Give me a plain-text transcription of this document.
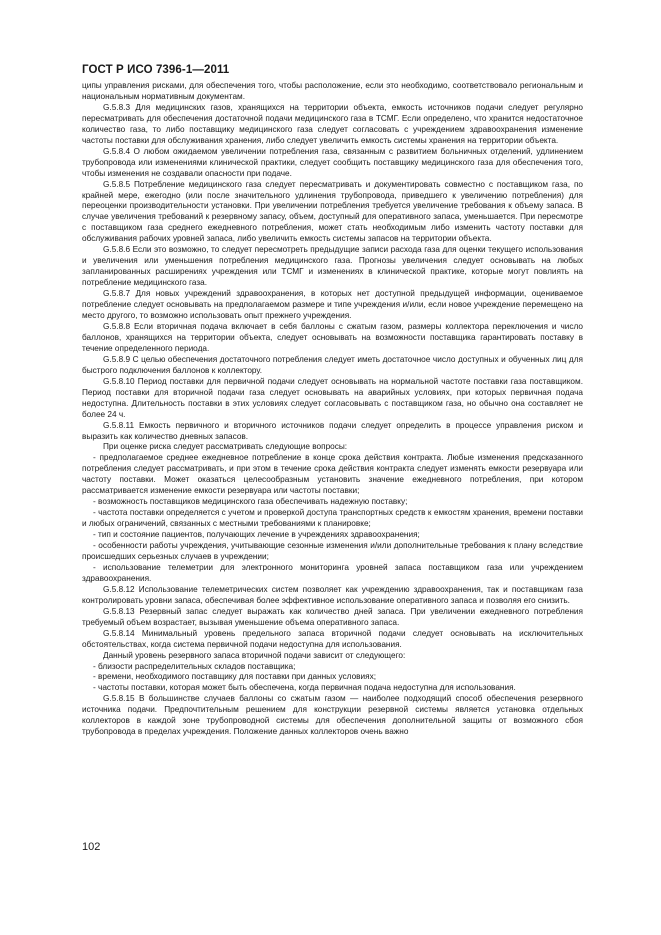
ГОСТ Р ИСО 7396-1—2011

ципы управления рисками, для обеспечения того, чтобы расположение, если это необходимо, соответствовало региональным и национальным нормативным документам.

G.5.8.3 Для медицинских газов, хранящихся на территории объекта, емкость источников подачи следует регулярно пересматривать для обеспечения достаточной подачи медицинского газа в ТСМГ. Если определено, что хранится недостаточное количество газа, то либо поставщику медицинского газа следует согласовать с учреждением здравоохранения изменение частоты поставки для обслуживания хранения, либо следует увеличить емкость системы хранения на территории объекта.

G.5.8.4 О любом ожидаемом увеличении потребления газа, связанным с развитием больничных отделений, удлинением трубопровода или изменениями клинической практики, следует сообщить поставщику медицинского газа для обеспечения того, чтобы изменения не создавали опасности при подаче.

G.5.8.5 Потребление медицинского газа следует пересматривать и документировать совместно с поставщиком газа, по крайней мере, ежегодно (или после значительного удлинения трубопровода, приведшего к увеличению потребления) для переоценки производительности установки. При увеличении потребления требуется увеличение требования к объему запаса. В случае увеличения требований к резервному запасу, объем, доступный для оперативного запаса, уменьшается. При пересмотре с поставщиком газа среднего ежедневного потребления, может стать необходимым либо изменить частоту поставки для обслуживания рабочих уровней запаса, либо увеличить емкость системы запасов на территории объекта.

G.5.8.6 Если это возможно, то следует пересмотреть предыдущие записи расхода газа для оценки текущего использования и увеличения или уменьшения потребления медицинского газа. Прогнозы увеличения следует основывать на любых запланированных расширениях учреждения или ТСМГ и изменениях в клинической практике, которые могут повлиять на потребление медицинского газа.

G.5.8.7 Для новых учреждений здравоохранения, в которых нет доступной предыдущей информации, оцениваемое потребление следует основывать на предполагаемом размере и типе учреждения и/или, если новое учреждение перемещено на место другого, то возможно использовать опыт прежнего учреждения.

G.5.8.8 Если вторичная подача включает в себя баллоны с сжатым газом, размеры коллектора переключения и число баллонов, хранящихся на территории объекта, следует основывать на возможности поставщика гарантировать поставку в течение определенного периода.

G.5.8.9 С целью обеспечения достаточного потребления следует иметь достаточное число доступных и обученных лиц для быстрого подключения баллонов к коллектору.

G.5.8.10 Период поставки для первичной подачи следует основывать на нормальной частоте поставки газа поставщиком. Период поставки для вторичной подачи газа следует основывать на аварийных условиях, при которых первичная подача недоступна. Длительность поставки в этих условиях следует согласовывать с поставщиком газа, но обычно она составляет не более 24 ч.

G.5.8.11 Емкость первичного и вторичного источников подачи следует определить в процессе управления риском и выразить как количество дневных запасов.

При оценке риска следует рассматривать следующие вопросы:

- предполагаемое среднее ежедневное потребление в конце срока действия контракта. Любые изменения предсказанного потребления следует рассматривать, и при этом в течение срока действия контракта следует изменять емкости резервуара или частоту поставки. Может оказаться целесообразным установить значение ежедневного потребления, при котором рассматривается изменение емкости резервуара или частоты поставки;

- возможность поставщиков медицинского газа обеспечивать надежную поставку;

- частота поставки определяется с учетом и проверкой доступа транспортных средств к емкостям хранения, времени поставки и любых ограничений, связанных с местными требованиями к планировке;

- тип и состояние пациентов, получающих лечение в учреждениях здравоохранения;

- особенности работы учреждения, учитывающие сезонные изменения и/или дополнительные требования к плану вследствие происшедших серьезных случаев в учреждении;

- использование телеметрии для электронного мониторинга уровней запаса поставщиком газа или учреждением здравоохранения.

G.5.8.12 Использование телеметрических систем позволяет как учреждению здравоохранения, так и поставщикам газа контролировать уровни запаса, обеспечивая более эффективное использование оперативного запаса и позволяя его снизить.

G.5.8.13 Резервный запас следует выражать как количество дней запаса. При увеличении ежедневного потребления требуемый объем возрастает, вызывая уменьшение объема оперативного запаса.

G.5.8.14 Минимальный уровень предельного запаса вторичной подачи следует основывать на исключительных обстоятельствах, когда система первичной подачи недоступна для использования.

Данный уровень резервного запаса вторичной подачи зависит от следующего:

- близости распределительных складов поставщика;

- времени, необходимого поставщику для поставки при данных условиях;

- частоты поставки, которая может быть обеспечена, когда первичная подача недоступна для использования.

G.5.8.15 В большинстве случаев баллоны со сжатым газом — наиболее подходящий способ обеспечения резервного источника подачи. Предпочтительным решением для конструкции резервной системы является установка отдельных коллекторов в каждой зоне трубопроводной системы для обеспечения дополнительной защиты от возможного сбоя трубопровода в пределах учреждения. Положение данных коллекторов очень важно

102
